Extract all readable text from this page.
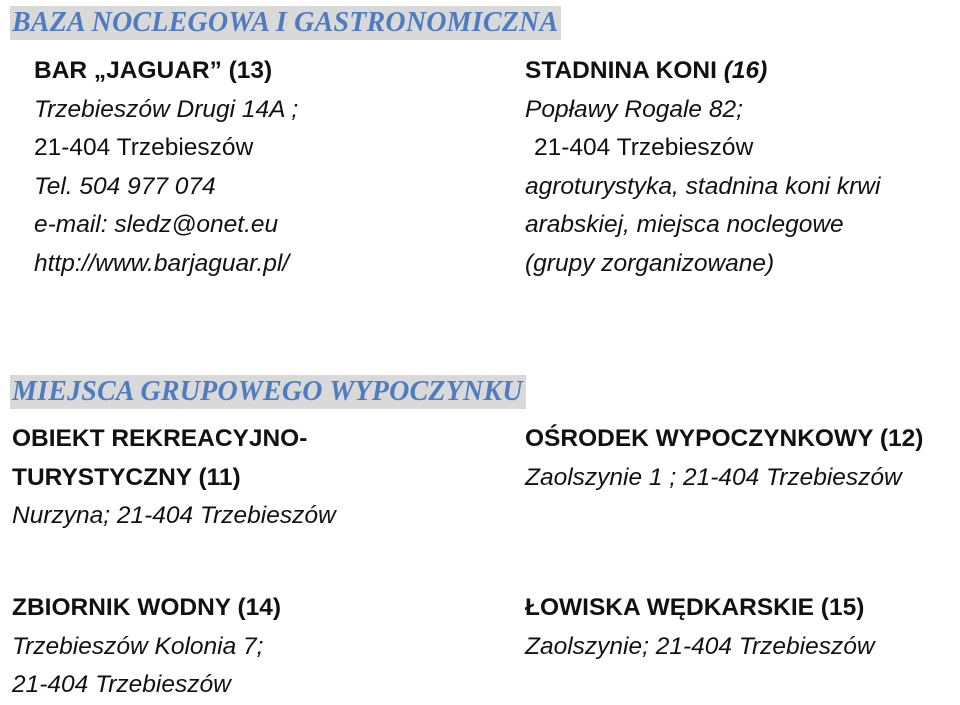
BAZA NOCLEGOWA I GASTRONOMICZNA
BAR „JAGUAR” (13)
Trzebieszów Drugi 14A ;
21-404 Trzebieszów
Tel. 504 977 074
e-mail: sledz@onet.eu
http://www.barjaguar.pl/
STADNINA KONI (16)
Popławy Rogale 82;
21-404 Trzebieszów
agroturystyka, stadnina koni krwi
arabskiej, miejsca noclegowe
(grupy zorganizowane)
MIEJSCA GRUPOWEGO WYPOCZYNKU
OBIEKT REKREACYJNO-
TURYSTYCZNY (11)
Nurzyna; 21-404 Trzebieszów
OŚRODEK WYPOCZYNKOWY (12)
Zaolszynie 1 ; 21-404 Trzebieszów
ZBIORNIK WODNY (14)
Trzebieszów Kolonia 7;
21-404 Trzebieszów
ŁOWISKA WĘDKARSKIE (15)
Zaolszynie; 21-404 Trzebieszów
